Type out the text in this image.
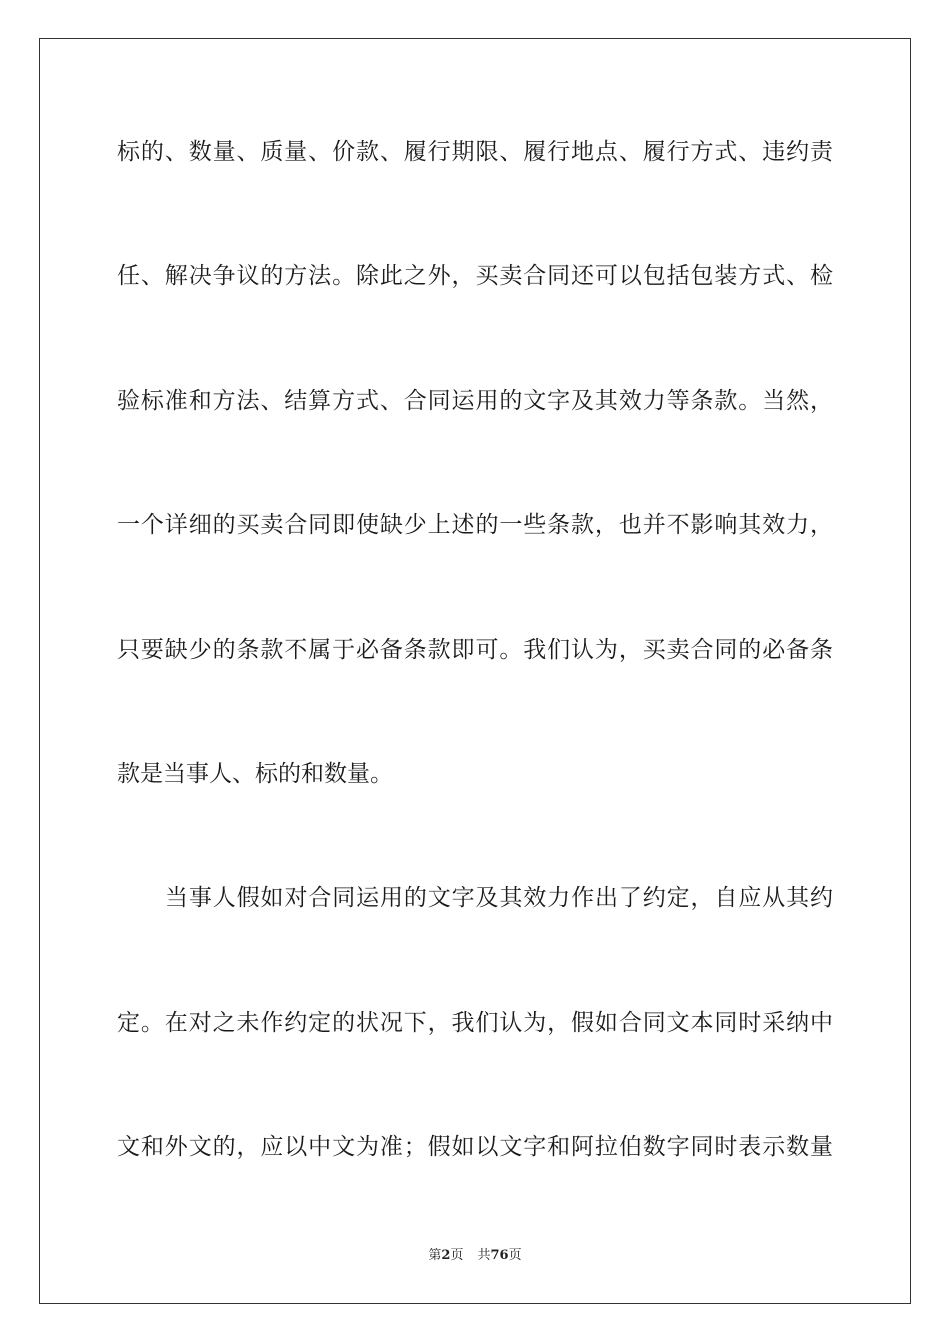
标的、数量、质量、价款、履行期限、履行地点、履行方式、违约责
任、解决争议的方法。除此之外，买卖合同还可以包括包装方式、检
验标准和方法、结算方式、合同运用的文字及其效力等条款。当然，
一个详细的买卖合同即使缺少上述的一些条款，也并不影响其效力，
只要缺少的条款不属于必备条款即可。我们认为，买卖合同的必备条
款是当事人、标的和数量。
当事人假如对合同运用的文字及其效力作出了约定，自应从其约
定。在对之未作约定的状况下，我们认为，假如合同文本同时采纳中
文和外文的，应以中文为准；假如以文字和阿拉伯数字同时表示数量
第2页 共76页
